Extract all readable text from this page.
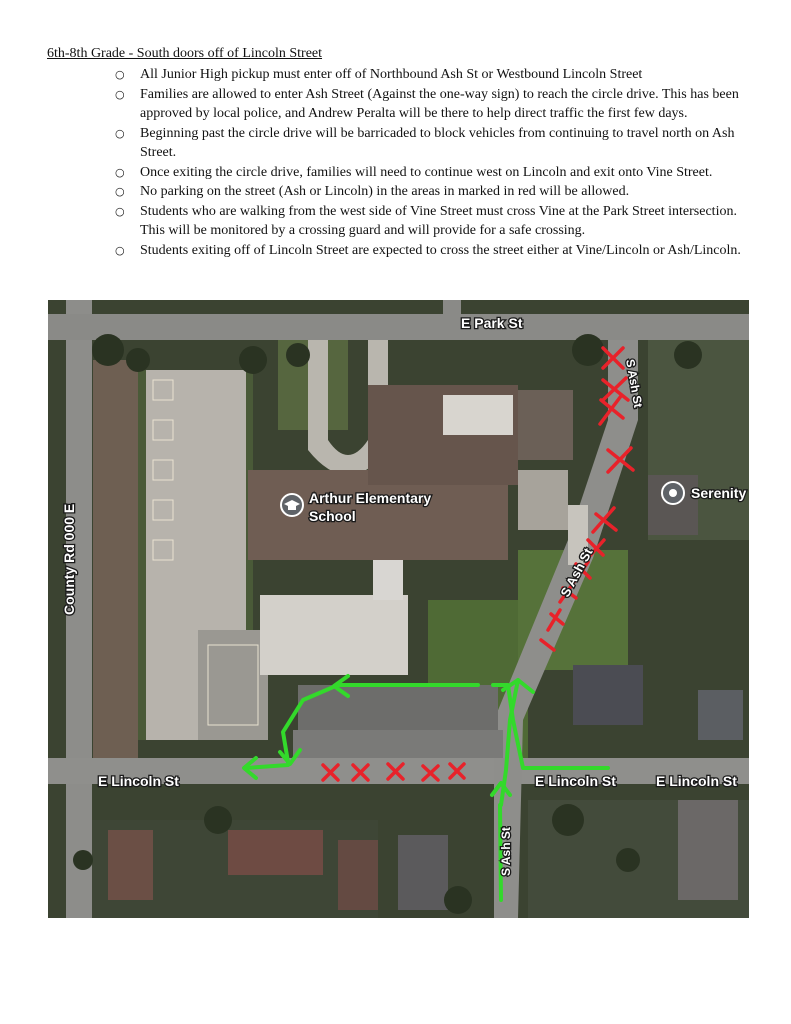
6th-8th Grade - South doors off of Lincoln Street
○ All Junior High pickup must enter off of Northbound Ash St or Westbound Lincoln Street
○ Families are allowed to enter Ash Street (Against the one-way sign) to reach the circle drive. This has been approved by local police, and Andrew Peralta will be there to help direct traffic the first few days.
○ Beginning past the circle drive will be barricaded to block vehicles from continuing to travel north on Ash Street.
○ Once exiting the circle drive, families will need to continue west on Lincoln and exit onto Vine Street.
○ No parking on the street (Ash or Lincoln) in the areas in marked in red will be allowed.
○ Students who are walking from the west side of Vine Street must cross Vine at the Park Street intersection. This will be monitored by a crossing guard and will provide for a safe crossing.
○ Students exiting off of Lincoln Street are expected to cross the street either at Vine/Lincoln or Ash/Lincoln.
E Park St
S Ash St
S Ash St
S Ash St
E Lincoln St	E Lincoln St	E Lincoln St
County Rd 000 E
Arthur Elementary
School
Serenity
